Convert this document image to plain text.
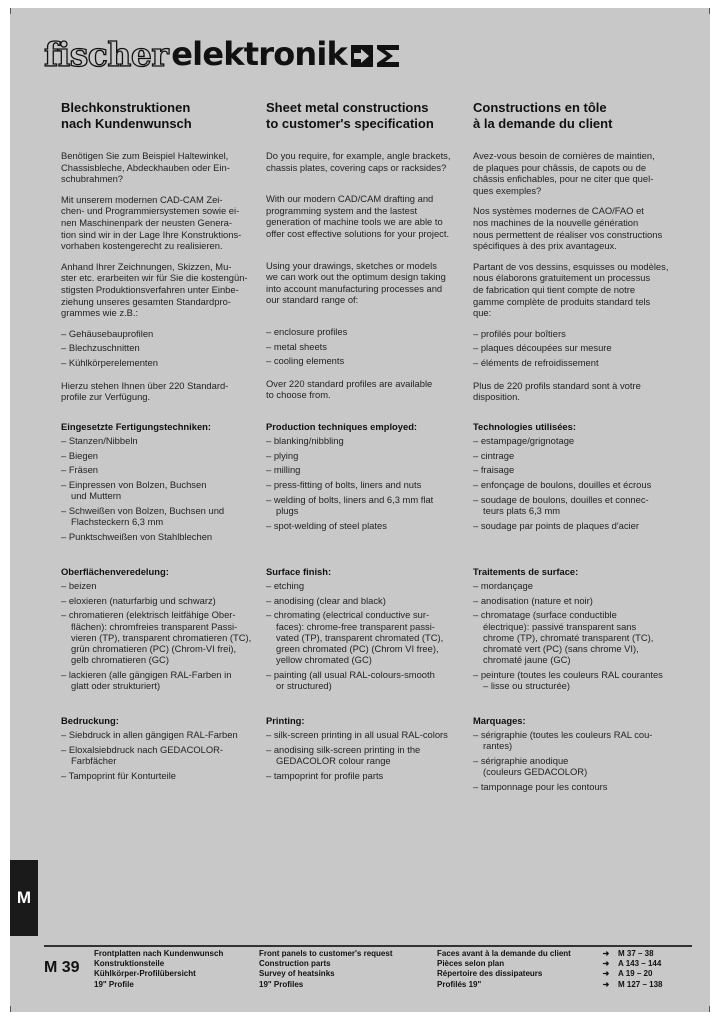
fischer elektronik
Blechkonstruktionen
nach Kundenwunsch

Benötigen Sie zum Beispiel Haltewinkel,
Chassisbleche, Abdeckhauben oder Ein-
schubrahmen?

Mit unserem modernen CAD-CAM Zei-
chen- und Programmiersystemen sowie ei-
nen Maschinenpark der neusten Genera-
tion sind wir in der Lage Ihre Konstruktions-
vorhaben kostengerecht zu realisieren.

Anhand Ihrer Zeichnungen, Skizzen, Mu-
ster etc. erarbeiten wir für Sie die kostengün-
stigsten Produktionsverfahren unter Einbe-
ziehung unseres gesamten Standardpro-
grammes wie z.B.:

– Gehäusebauprofilen
– Blechzuschnitten
– Kühlkörperelementen

Hierzu stehen Ihnen über 220 Standard-
profile zur Verfügung.

Sheet metal constructions
to customer's specification

Do you require, for example, angle brackets,
chassis plates, covering caps or racksides?

With our modern CAD/CAM drafting and
programming system and the lastest
generation of machine tools we are able to
offer cost effective solutions for your project.

Using your drawings, sketches or models
we can work out the optimum design taking
into account manufacturing processes and
our standard range of:

– enclosure profiles
– metal sheets
– cooling elements

Over 220 standard profiles are available
to choose from.

Constructions en tôle
à la demande du client

Avez-vous besoin de cornières de maintien,
de plaques pour châssis, de capots ou de
châssis enfichables, pour ne citer que quel-
ques exemples?

Nos systèmes modernes de CAO/FAO et
nos machines de la nouvelle génération
nous permettent de réaliser vos constructions
spécifiques à des prix avantageux.

Partant de vos dessins, esquisses ou modèles,
nous élaborons gratuitement un processus
de fabrication qui tient compte de notre
gamme complète de produits standard tels
que:

– profilés pour boîtiers
– plaques découpées sur mesure
– éléments de refroidissement

Plus de 220 profils standard sont à votre
disposition.

Eingesetzte Fertigungstechniken:
– Stanzen/Nibbeln
– Biegen
– Fräsen
– Einpressen von Bolzen, Buchsen
und Muttern
– Schweißen von Bolzen, Buchsen und
Flachsteckern 6,3 mm
– Punktschweißen von Stahlblechen
Production techniques employed:
– blanking/nibbling
– plying
– milling
– press-fitting of bolts, liners and nuts
– welding of bolts, liners and 6,3 mm flat
plugs
– spot-welding of steel plates
Technologies utilisées:
– estampage/grignotage
– cintrage
– fraisage
– enfonçage de boulons, douilles et écrous
– soudage de boulons, douilles et connec-
teurs plats 6,3 mm
– soudage par points de plaques d'acier
Oberflächenveredelung:
– beizen
– eloxieren (naturfarbig und schwarz)
– chromatieren (elektrisch leitfähige Ober-
flächen): chromfreies transparent Passi-
vieren (TP), transparent chromatieren (TC),
grün chromatieren (PC) (Chrom-VI frei),
gelb chromatieren (GC)
– lackieren (alle gängigen RAL-Farben in
glatt oder strukturiert)
Surface finish:
– etching
– anodising (clear and black)
– chromating (electrical conductive sur-
faces): chrome-free transparent passi-
vated (TP), transparent chromated (TC),
green chromated (PC) (Chrom VI free),
yellow chromated (GC)
– painting (all usual RAL-colours-smooth
or structured)
Traitements de surface:
– mordançage
– anodisation (nature et noir)
– chromatage (surface conductible
électrique): passivé transparent sans
chrome (TP), chromaté transparent (TC),
chromaté vert (PC) (sans chrome VI),
chromaté jaune (GC)
– peinture (toutes les couleurs RAL courantes
– lisse ou structurée)
Bedruckung:
– Siebdruck in allen gängigen RAL-Farben
– Eloxalsiebdruck nach GEDACOLOR-
Farbfächer
– Tampoprint für Konturteile
Printing:
– silk-screen printing in all usual RAL-colors
– anodising silk-screen printing in the
GEDACOLOR colour range
– tampoprint for profile parts
Marquages:
– sérigraphie (toutes les couleurs RAL cou-
rantes)
– sérigraphie anodique
(couleurs GEDACOLOR)
– tamponnage pour les contours
M
M 39
Frontplatten nach Kundenwunsch
Konstruktionsteile
Kühlkörper-Profilübersicht
19" Profile
Front panels to customer's request
Construction parts
Survey of heatsinks
19" Profiles
Faces avant à la demande du client
Pièces selon plan
Répertoire des dissipateurs
Profilés 19"
➜
➜
➜
➜
M 37 – 38
A 143 – 144
A 19 – 20
M 127 – 138
